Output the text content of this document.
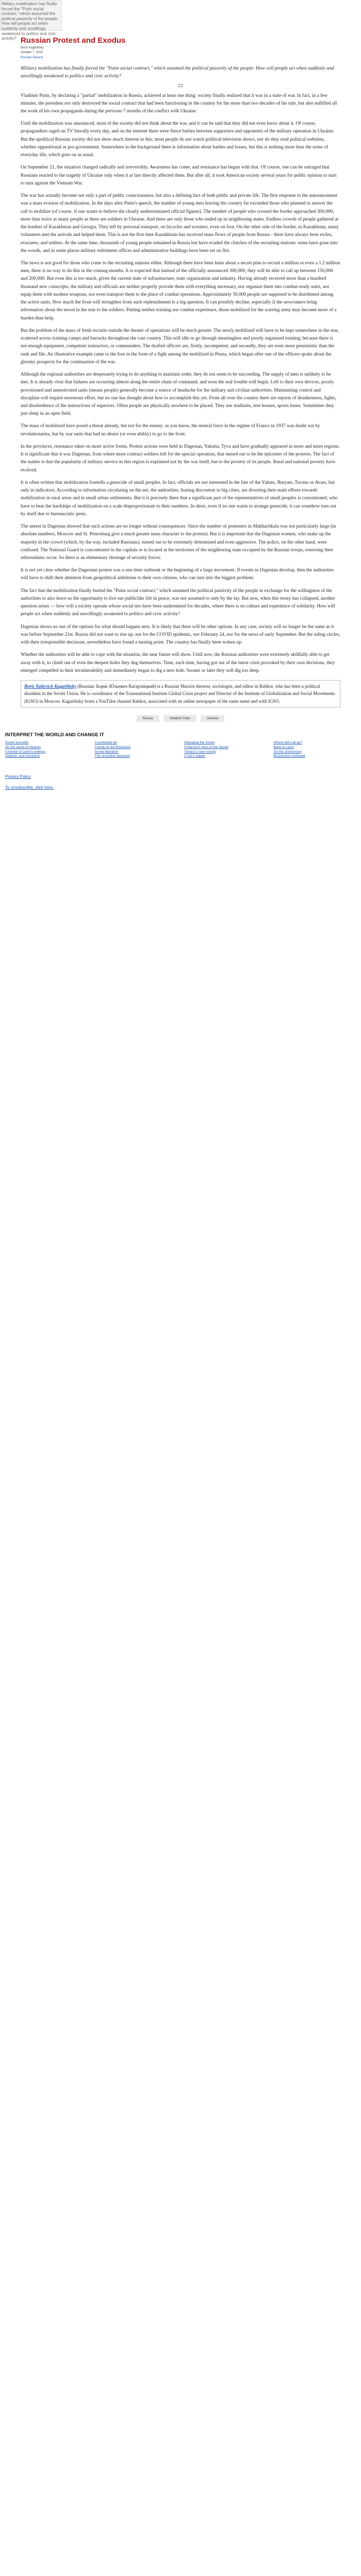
Military mobilization has finally forced the "Putin social contract," which assumed the political passivity of the people. How will people act when suddenly and unwillingly awakened to politics and civic activity? Russian Protest and Exodus
Boris Kagarlitsky
October 7, 2022
Russian Dissent
Military mobilization has finally forced the "Putin social contract," which assumed the political passivity of the people. How will people act when suddenly and unwillingly awakened to politics and civic activity?

Vladimir Putin, by declaring a "partial" mobilization in Russia, achieved at least one thing: society finally realized that it was in a state of war. In fact, in a few minutes, the president not only destroyed the social contract that had been functioning in the country for the more than two decades of his rule, but also nullified all the work of his own propaganda during the previous 7 months of the conflict with Ukraine.

Until the mobilization was announced, most of the society did not think about the war, and it can be said that they did not even know about it. Of course, propagandists raged on TV literally every day, and on the internet there were fierce battles between supporters and opponents of the military operation in Ukraine. But the apolitical Russian society did not show much interest in this; most people do not watch political television shows, nor do they read political websites, whether oppositional or pro-government. Somewhere in the background there is information about battles and losses, but this is nothing more than the noise of everyday life, which goes on as usual.

On September 21, the situation changed radically and irreversibly. Awareness has come, and resistance has begun with that. Of course, one can be outraged that Russians reacted to the tragedy of Ukraine only when it at last directly affected them. But after all, it took American society several years for public opinion to start to turn against the Vietnam War.

The war has actually become not only a part of public consciousness, but also a defining fact of both public and private life. The first response to the announcement was a mass evasion of mobilization. In the days after Putin's speech, the number of young men leaving the country far exceeded those who planned to answer the call to mobilize (of course, if one wants to believe the clearly underestimated official figures). The number of people who crossed the border approached 300,000, more than twice as many people as there are soldiers in Ukraine. And there are only those who ended up in neighboring states. Endless crowds of people gathered at the borders of Kazakhstan and Georgia. They left by personal transport, on bicycles and scooters, even on foot. On the other side of the border, in Kazakhstan, many volunteers met the arrivals and helped them. This is not the first time Kazakhstan has received mass flows of people from Russia - there have always been exiles, evacuees, and settlers. At the same time, thousands of young people remained in Russia but have evaded the clutches of the recruiting stations: some have gone into the woods, and in some places military enlistment offices and administrative buildings have been set on fire.

The news is not good for those who come to the recruiting stations either. Although there have been hints about a secret plan to recruit a million or even a 1.2 million men, there is no way to do this in the coming months. It is expected that instead of the officially announced 300,000, they will be able to call up between 150,000 and 200,000. But even this is too much, given the current state of infrastructure, state organization and industry. Having already received more than a hundred thousand new conscripts, the military and officials are neither properly provide them with everything necessary, nor organize them into combat-ready units, nor equip them with modern weapons, nor even transport them to the place of combat operations. Approximately 50,000 people are supposed to be distributed among the active units. How much the front will strengthen from such replenishment is a big question. It can possibly decline, especially if the newcomers bring information about the mood in the rear to the soldiers. Putting neither training nor combat experience, those mobilized for the warring army may become more of a burden than help.

But the problem of the mass of fresh recruits outside the theater of operations will be much greater. The newly mobilized will have to be kept somewhere in the rear, scattered across training camps and barracks throughout the vast country. This will idle or go through meaningless and poorly organized training, because there is not enough equipment, competent instructors, or commanders. The drafted officers are, firstly, incompetent, and secondly, they are even more pessimistic than the rank and file. An illustrative example came to the fore in the form of a fight among the mobilized in Penza, which began after one of the officers spoke about the gloomy prospects for the continuation of the war.

Although the regional authorities are desperately trying to do anything to maintain order, they do not seem to be succeeding. The supply of men is unlikely to be met. It is already clear that failures are occurring almost along the entire chain of command, and soon the real trouble will begin. Left to their own devices, poorly provisioned and unmotivated units (means people) generally become a source of headache for the military and civilian authorities. Maintaining control and discipline will require enormous effort, but no one has thought about how to accomplish this yet. From all over the country there are reports of drunkenness, fights, and disobedience of the instructions of superiors. Often people are physically nowhere to be placed. They use stadiums, tent houses, sports bases. Sometimes they just sleep in an open field.

The mass of mobilized have posed a threat already, but not for the enemy: as you know, the neutral force in the regime of Franco in 1937 was doubt not by revolutionaries, but by war units that had no desire (or even ability) to go to the front.

In the provinces, resistance takes on more active forms. Protest actions were held in Dagestan, Yakutia, Tyva and have gradually appeared in more and more regions. It is significant that it was Dagestan, from where more contract soldiers left for the special operation, that turned out to be the epicenter of the protests. The fact of the matter is that the popularity of military service in this region is explained not by the war itself, but to the poverty of its people. Rural and national poverty have evolved.

It is often written that mobilization foretells a genocide of small peoples. In fact, officials are not interested in the fate of the Yakuts, Buryats, Tuvans or Avars, but only in indicators. According to information circulating on the net, the authorities, fearing discontent in big cities, are diverting their main efforts towards mobilization in rural areas and in small urban settlements. But it is precisely there that a significant part of the representatives of small peoples is concentrated, who have to bear the hardships of mobilization on a scale disproportionate to their numbers. In short, even if no one wants to arrange genocide, it can somehow turn out by itself due to bureaucratic pests.

The unrest in Dagestan showed that such actions are no longer without consequences. Since the number of protesters in Makhachkala was not particularly large (in absolute numbers, Moscow and St. Petersburg give a much greater mass character to the protest). But it is important that the Dagestan women, who make up the majority in the crowd (which, by the way, included Russians), turned out to be extremely determined and even aggressive. The police, on the other hand, were confused. The National Guard is concentrated in the capitals or is located at the territories of the neighboring state occupied by the Russian troops, renewing their referendums occur. So there is an elementary shortage of security forces.

It is not yet clear whether the Dagestani protest was a one-time outbreak or the beginning of a large movement. If events in Dagestan develop, then the authorities will have to shift their attention from geopolitical ambitions to their own citizens, who can turn into the biggest problem.

The fact that the mobilization finally buried the "Putin social contract," which assumed the political passivity of the people in exchange for the willingness of the authorities to also leave us the opportunity to live our publiclike life in peace, was not assumed to only by the lay. But now, when this treaty has collapsed, another question arises — how will a society operate whose social ties have been undermined for decades, where there is no culture and experience of solidarity. How will people act when suddenly and unwillingly awakened to politics and civic activity?

Dagestan shows us one of the options for what should happen next. It is likely that there will be other options. In any case, society will no longer be the same as it was before September 21st. Russia did not want to rise up, not for the COVID epidemic, nor February 24, nor for the news of early September. But the ruling circles, with their irresponsible decisions, nevertheless have found a turning point. The country has finally been woken up.

Whether the authorities will be able to cope with the situation, the near future will show. Until now, the Russian authorities were extremely skillfully able to get away with it, to climb out of even the deepest holes they dug themselves. Time, each time, having got out of the latest crisis provoked by their own decisions, they emerged compelled in their invulnerability and immediately began to dig a new hole. Sooner or later they will dig too deep.

Boris Yulievich Kagarlitsky (Russian: Бори́с Ю́льевич Кагарли́цкий) is a Russian Marxist theorist, sociologist, and editor in Rabkor, who has been a political dissident in the Soviet Union. He is coordinator of the Transnational Institute Global Crisis project and Director of the Institute of Globalization and Social Movements (IGSO) in Moscow. Kagarlitsky hosts a YouTube channel Rabkor, associated with an online newspaper of the same name and with IGSO.
Russia	Vladimir Putin	Ukraine
INTERPRET THE WORLD AND CHANGE IT
Soviet sexuality	A contested art	Salvaging the Soviet	Where did it all go?
On the world of Ulyanov	A book on the Bolshevik	A Marxist's view on the Soviet	Back to Lenin
A review of Lenin's writings	Soviet liberation	Toward a new society	On the anniversary
Dialectic and revolution	The revolution betrayed	A 1917 reader	Bolshevism reviewed
Privacy Policy
To unsubscribe, click here.
